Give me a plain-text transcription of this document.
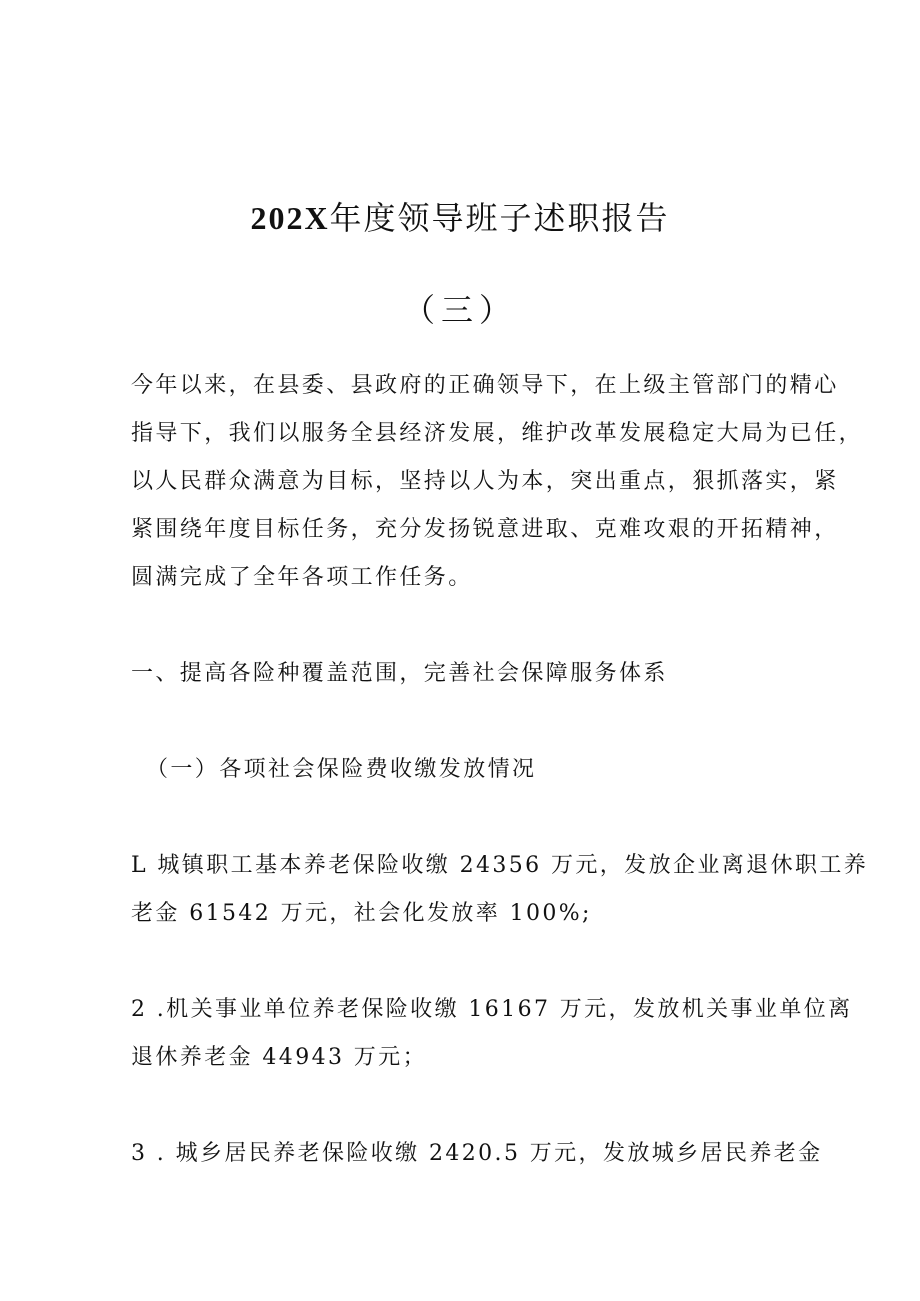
202X年度领导班子述职报告
（三）
今年以来，在县委、县政府的正确领导下，在上级主管部门的精心
指导下，我们以服务全县经济发展，维护改革发展稳定大局为已任，
以人民群众满意为目标，坚持以人为本，突出重点，狠抓落实，紧
紧围绕年度目标任务，充分发扬锐意进取、克难攻艰的开拓精神，
圆满完成了全年各项工作任务。
一、提高各险种覆盖范围，完善社会保障服务体系
（一）各项社会保险费收缴发放情况
L 城镇职工基本养老保险收缴 24356 万元，发放企业离退休职工养
老金 61542 万元，社会化发放率 100%;
2 .机关事业单位养老保险收缴 16167 万元，发放机关事业单位离
退休养老金 44943 万元；
3 . 城乡居民养老保险收缴 2420.5 万元，发放城乡居民养老金
